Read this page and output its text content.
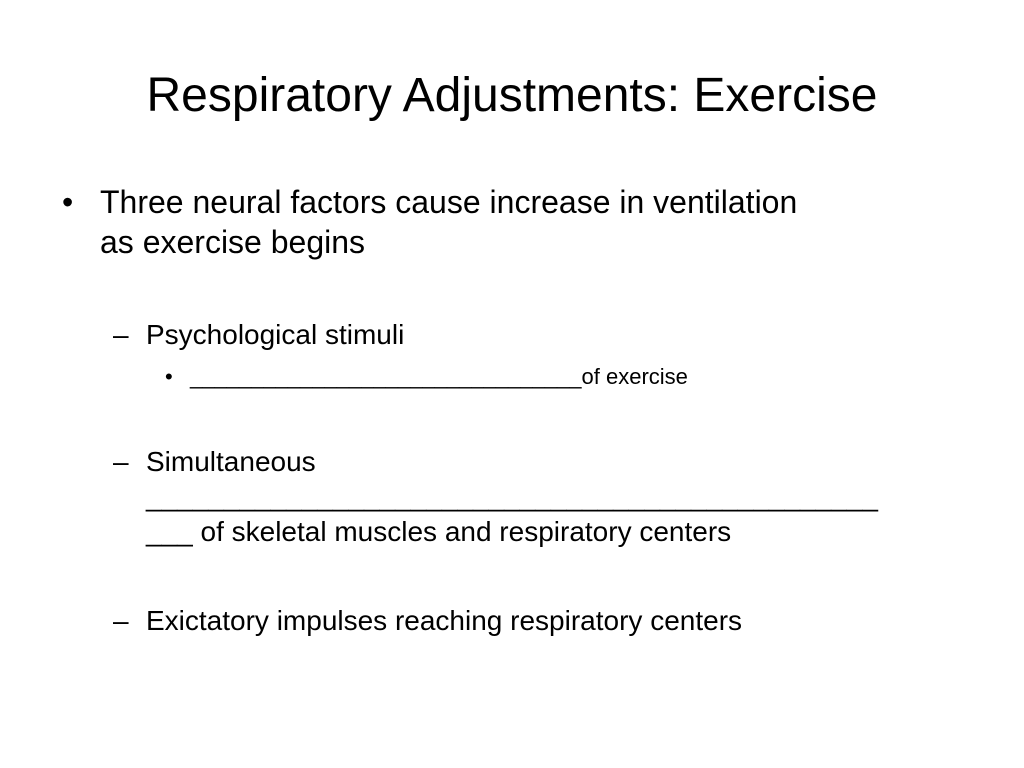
Respiratory Adjustments: Exercise
• Three neural factors cause increase in ventilation
as exercise begins
– Psychological stimuli
• ________________________________of exercise
– Simultaneous
_______________________________________________
___ of skeletal muscles and respiratory centers
– Exictatory impulses reaching respiratory centers
